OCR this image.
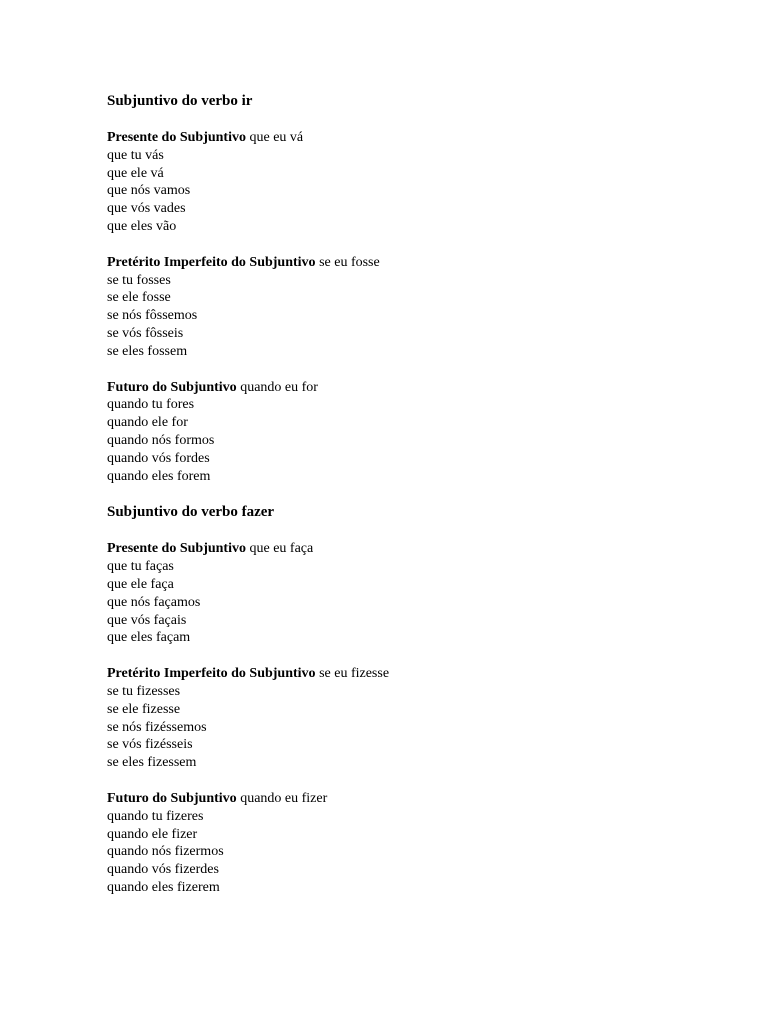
Subjuntivo do verbo ir
Presente do Subjuntivo que eu vá
que tu vás
que ele vá
que nós vamos
que vós vades
que eles vão
Pretérito Imperfeito do Subjuntivo se eu fosse
se tu fosses
se ele fosse
se nós fôssemos
se vós fôsseis
se eles fossem
Futuro do Subjuntivo quando eu for
quando tu fores
quando ele for
quando nós formos
quando vós fordes
quando eles forem
Subjuntivo do verbo fazer
Presente do Subjuntivo que eu faça
que tu faças
que ele faça
que nós façamos
que vós façais
que eles façam
Pretérito Imperfeito do Subjuntivo se eu fizesse
se tu fizesses
se ele fizesse
se nós fizéssemos
se vós fizésseis
se eles fizessem
Futuro do Subjuntivo quando eu fizer
quando tu fizeres
quando ele fizer
quando nós fizermos
quando vós fizerdes
quando eles fizerem
